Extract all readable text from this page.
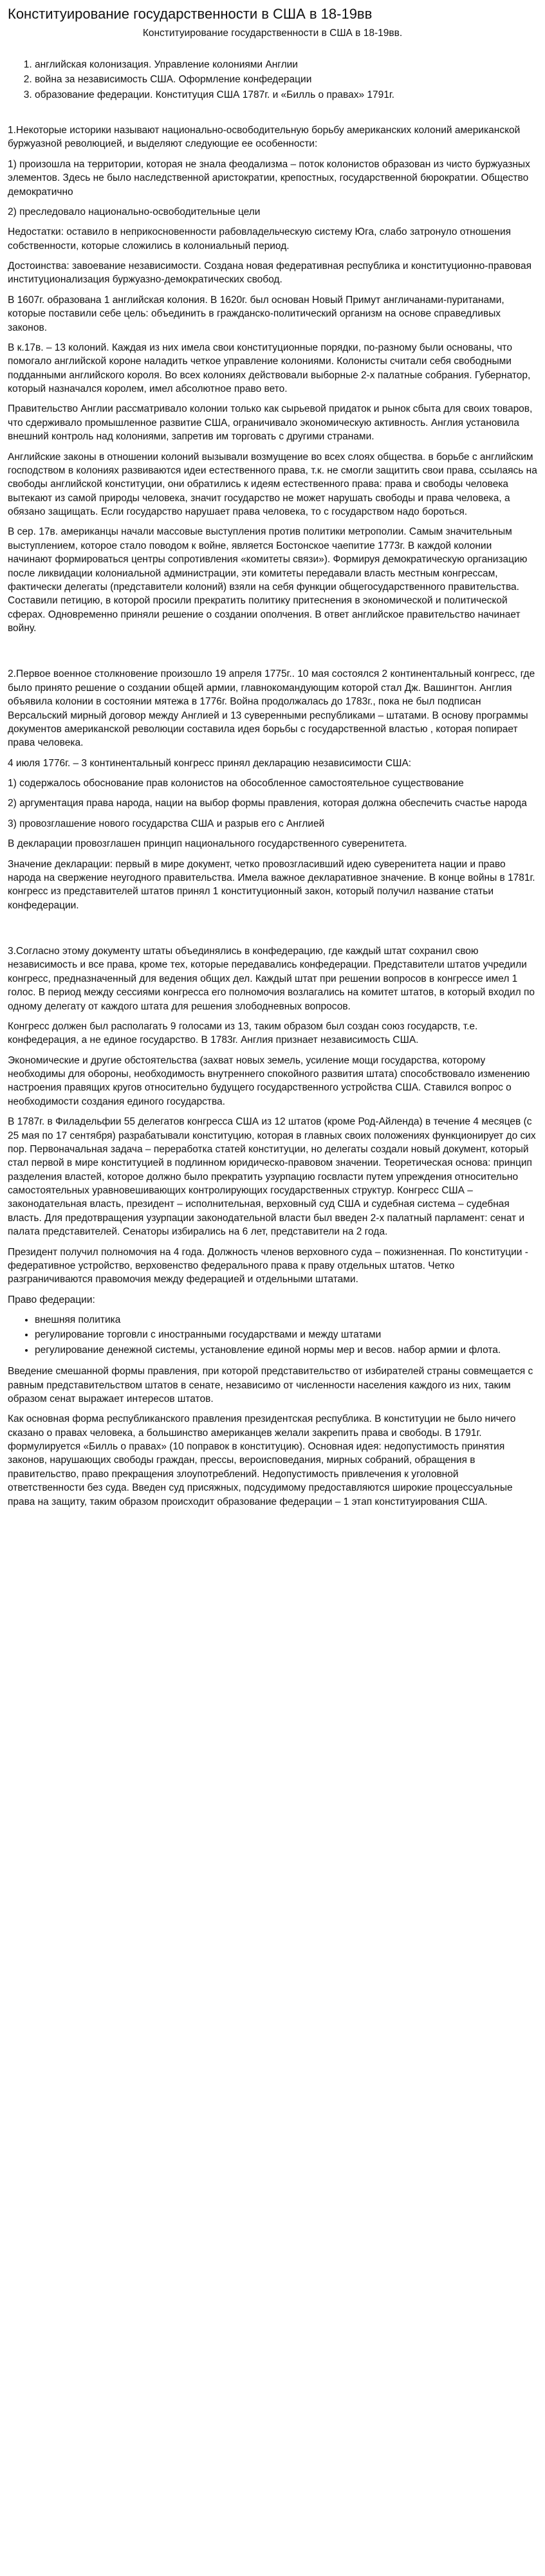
Конституирование государственности в США в 18-19вв
Конституирование государственности в США в 18-19вв.
1. английская колонизация. Управление колониями Англии
2. война за независимость США. Оформление конфедерации
3. образование федерации. Конституция США 1787г. и «Билль о правах» 1791г.

1.Некоторые историки называют национально-освободительную борьбу американских колоний американской буржуазной революцией, и выделяют следующие ее особенности:

1) произошла на территории, которая не знала феодализма – поток колонистов образован из чисто буржуазных элементов. Здесь не было наследственной аристократии, крепостных, государственной бюрократии. Общество демократично

2) преследовало национально-освободительные цели

Недостатки: оставило в неприкосновенности рабовладельческую систему Юга, слабо затронуло отношения собственности, которые сложились в колониальный период.

Достоинства: завоевание независимости. Создана новая федеративная республика и конституционно-правовая институционализация буржуазно-демократических свобод.

В 1607г. образована 1 английская колония. В 1620г. был основан Новый Примут англичанами-пуританами, которые поставили себе цель: объединить в гражданско-политический организм на основе справедливых законов.

В к.17в. – 13 колоний. Каждая из них имела свои конституционные порядки, по-разному были основаны, что помогало английской короне наладить четкое управление колониями. Колонисты считали себя свободными подданными английского короля. Во всех колониях действовали выборные 2-х палатные собрания. Губернатор, который назначался королем, имел абсолютное право вето.

Правительство Англии рассматривало колонии только как сырьевой придаток и рынок сбыта для своих товаров, что сдерживало промышленное развитие США, ограничивало экономическую активность. Англия установила внешний контроль над колониями, запретив им торговать с другими странами.

Английские законы в отношении колоний вызывали возмущение во всех слоях общества. в борьбе с английским господством в колониях развиваются идеи естественного права, т.к. не смогли защитить свои права, ссылаясь на свободы английской конституции, они обратились к идеям естественного права: права и свободы человека вытекают из самой природы человека, значит государство не может нарушать свободы и права человека, а обязано защищать. Если государство нарушает права человека, то с государством надо бороться.

В сер. 17в. американцы начали массовые выступления против политики метрополии. Самым значительным выступлением, которое стало поводом к войне, является Бостонское чаепитие 1773г. В каждой колонии начинают формироваться центры сопротивления «комитеты связи»). Формируя демократическую организацию после ликвидации колониальной администрации, эти комитеты передавали власть местным конгрессам, фактически делегаты (представители колоний) взяли на себя функции общегосударственного правительства. Составили петицию, в которой просили прекратить политику притеснения в экономической и политической сферах. Одновременно приняли решение о создании ополчения. В ответ английское правительство начинает войну.

2.Первое военное столкновение произошло 19 апреля 1775г.. 10 мая состоялся 2 континентальный конгресс, где было принято решение о создании общей армии, главнокомандующим которой стал Дж. Вашингтон. Англия объявила колонии в состоянии мятежа в 1776г. Война продолжалась до 1783г., пока не был подписан Версальский мирный договор между Англией и 13 суверенными республиками – штатами. В основу программы документов американской революции составила идея борьбы с государственной властью , которая попирает права человека.

4 июля 1776г. – 3 континентальный конгресс принял декларацию независимости США:

1) содержалось обоснование прав колонистов на обособленное самостоятельное существование

2) аргументация права народа, нации на выбор формы правления, которая должна обеспечить счастье народа

3) провозглашение нового государства США и разрыв его с Англией

В декларации провозглашен принцип национального государственного суверенитета.

Значение декларации: первый в мире документ, четко провозгласивший идею суверенитета нации и право народа на свержение неугодного правительства. Имела важное декларативное значение. В конце войны в 1781г. конгресс из представителей штатов принял 1 конституционный закон, который получил название статьи конфедерации.

3.Согласно этому документу штаты объединялись в конфедерацию, где каждый штат сохранил свою независимость и все права, кроме тех, которые передавались конфедерации. Представители штатов учредили конгресс, предназначенный для ведения общих дел. Каждый штат при решении вопросов в конгрессе имел 1 голос. В период между сессиями конгресса его полномочия возлагались на комитет штатов, в который входил по одному делегату от каждого штата для решения злободневных вопросов.

Конгресс должен был располагать 9 голосами из 13, таким образом был создан союз государств, т.е. конфедерация, а не единое государство. В 1783г. Англия признает независимость США.

Экономические и другие обстоятельства (захват новых земель, усиление мощи государства, которому необходимы для обороны, необходимость внутреннего спокойного развития штата) способствовало изменению настроения правящих кругов относительно будущего государственного устройства США. Ставился вопрос о необходимости создания единого государства.

В 1787г. в Филадельфии 55 делегатов конгресса США из 12 штатов (кроме Род-Айленда) в течение 4 месяцев (с 25 мая по 17 сентября) разрабатывали конституцию, которая в главных своих положениях функционирует до сих пор. Первоначальная задача – переработка статей конституции, но делегаты создали новый документ, который стал первой в мире конституцией в подлинном юридическо-правовом значении. Теоретическая основа: принцип разделения властей, которое должно было прекратить узурпацию госвласти путем упреждения относительно самостоятельных уравновешивающих контролирующих государственных структур. Конгресс США – законодательная власть, президент – исполнительная, верховный суд США и судебная система – судебная власть. Для предотвращения узурпации законодательной власти был введен 2-х палатный парламент: сенат и палата представителей. Сенаторы избирались на 6 лет, представители на 2 года.

Президент получил полномочия на 4 года. Должность членов верховного суда – пожизненная. По конституции - федеративное устройство, верховенство федерального права к праву отдельных штатов. Четко разграничиваются правомочия между федерацией и отдельными штатами.

Право федерации:

• внешняя политика
• регулирование торговли с иностранными государствами и между штатами
• регулирование денежной системы, установление единой нормы мер и весов. набор армии и флота.

Введение смешанной формы правления, при которой представительство от избирателей страны совмещается с равным представительством штатов в сенате, независимо от численности населения каждого из них, таким образом сенат выражает интересов штатов.

Как основная форма республиканского правления президентская республика. В конституции не было ничего сказано о правах человека, а большинство американцев желали закрепить права и свободы. В 1791г. формулируется «Билль о правах» (10 поправок в конституцию). Основная идея: недопустимость принятия законов, нарушающих свободы граждан, прессы, вероисповедания, мирных собраний, обращения в правительство, право прекращения злоупотреблений. Недопустимость привлечения к уголовной ответственности без суда. Введен суд присяжных, подсудимому предоставляются широкие процессуальные права на защиту, таким образом происходит образование федерации – 1 этап конституирования США.
